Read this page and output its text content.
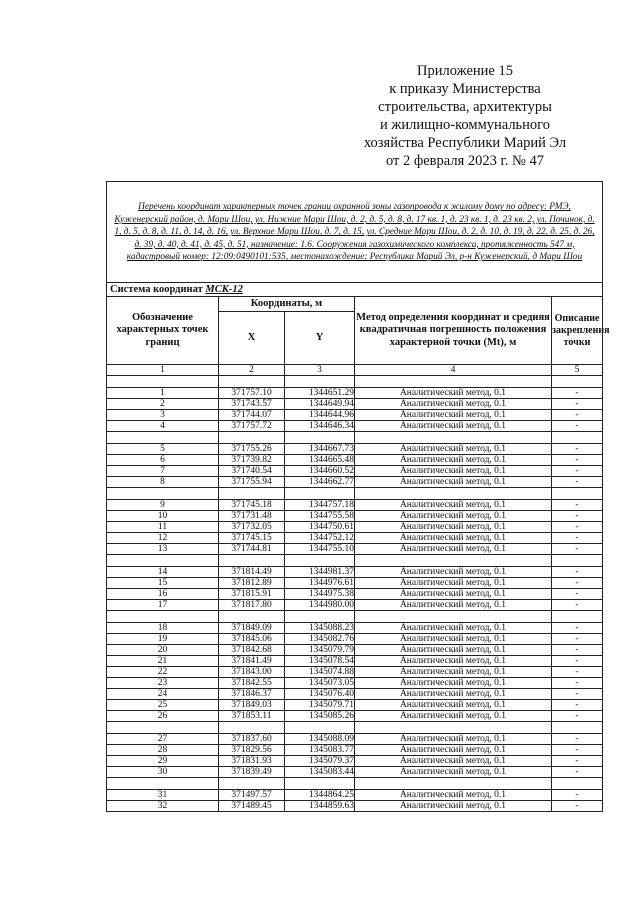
Приложение 15
к приказу Министерства
строительства, архитектуры
и жилищно-коммунального
хозяйства Республики Марий Эл
от 2 февраля 2023 г. № 47
Перечень координат характерных точек границ охранной зоны газопровода к жилому дому по адресу: РМЭ, Куженерский район, д. Мари Шои, ул. Нижние Мари Шои, д. 2, д. 5, д. 8, д. 17 кв. 1, д. 23 кв. 1, д. 23 кв. 2, ул. Починок, д. 1, д. 5, д. 8, д. 11, д. 14, д. 16, ул. Верхние Мари Шои, д. 7, д. 15, ул. Средние Мари Шои, д. 2, д. 10, д. 19, д. 22, д. 25, д. 26, д. 39, д. 40, д. 41, д. 45, д. 51, назначение: 1.6. Сооружения газохимического комплекса, протяженность 547 м, кадастровый номер: 12:09:0490101:535, местонахождение: Республика Марий Эл, р-н Куженерский, д Мари Шои				
Система координат МСК-12				
Обозначение характерных точек границ	Координаты, м		Метод определения координат и средняя квадратичная погрешность положения характерной точки (Mt), м	Описание закрепления точки
	X	Y		
1	2	3	4	5

1	371757.10	1344651.29	Аналитический метод, 0.1	-
2	371743.57	1344649.94	Аналитический метод, 0.1	-
3	371744.07	1344644.96	Аналитический метод, 0.1	-
4	371757.72	1344646.34	Аналитический метод, 0.1	-

5	371755.26	1344667.73	Аналитический метод, 0.1	-
6	371739.82	1344665.48	Аналитический метод, 0.1	-
7	371740.54	1344660.52	Аналитический метод, 0.1	-
8	371755.94	1344662.77	Аналитический метод, 0.1	-

9	371745.18	1344757.18	Аналитический метод, 0.1	-
10	371731.48	1344755.58	Аналитический метод, 0.1	-
11	371732.05	1344750.61	Аналитический метод, 0.1	-
12	371745.15	1344752.12	Аналитический метод, 0.1	-
13	371744.81	1344755.10	Аналитический метод, 0.1	-

14	371814.49	1344981.37	Аналитический метод, 0.1	-
15	371812.89	1344976.61	Аналитический метод, 0.1	-
16	371815.91	1344975.38	Аналитический метод, 0.1	-
17	371817.80	1344980.00	Аналитический метод, 0.1	-

18	371849.09	1345088.23	Аналитический метод, 0.1	-
19	371845.06	1345082.76	Аналитический метод, 0.1	-
20	371842.68	1345079.79	Аналитический метод, 0.1	-
21	371841.49	1345078.54	Аналитический метод, 0.1	-
22	371843.00	1345074.88	Аналитический метод, 0.1	-
23	371842.55	1345073.05	Аналитический метод, 0.1	-
24	371846.37	1345076.40	Аналитический метод, 0.1	-
25	371849.03	1345079.71	Аналитический метод, 0.1	-
26	371853.11	1345085.26	Аналитический метод, 0.1	-

27	371837.60	1345088.09	Аналитический метод, 0.1	-
28	371829.56	1345083.77	Аналитический метод, 0.1	-
29	371831.93	1345079.37	Аналитический метод, 0.1	-
30	371839.49	1345083.44	Аналитический метод, 0.1	-

31	371497.57	1344864.25	Аналитический метод, 0.1	-
32	371489.45	1344859.63	Аналитический метод, 0.1	-
